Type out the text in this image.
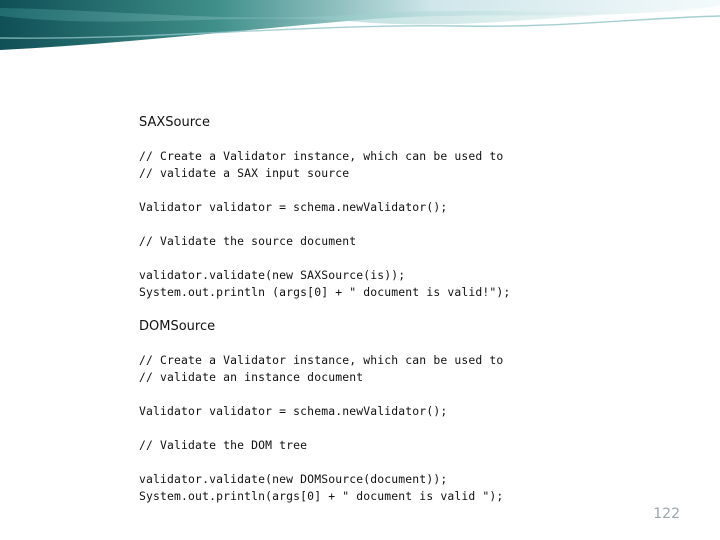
SAXSource
// Create a Validator instance, which can be used to
// validate a SAX input source
Validator validator = schema.newValidator();
// Validate the source document
validator.validate(new SAXSource(is));
System.out.println (args[0] + " document is valid!");
DOMSource
// Create a Validator instance, which can be used to
// validate an instance document
Validator validator = schema.newValidator();
// Validate the DOM tree
validator.validate(new DOMSource(document));
System.out.println(args[0] + " document is valid ");
122
